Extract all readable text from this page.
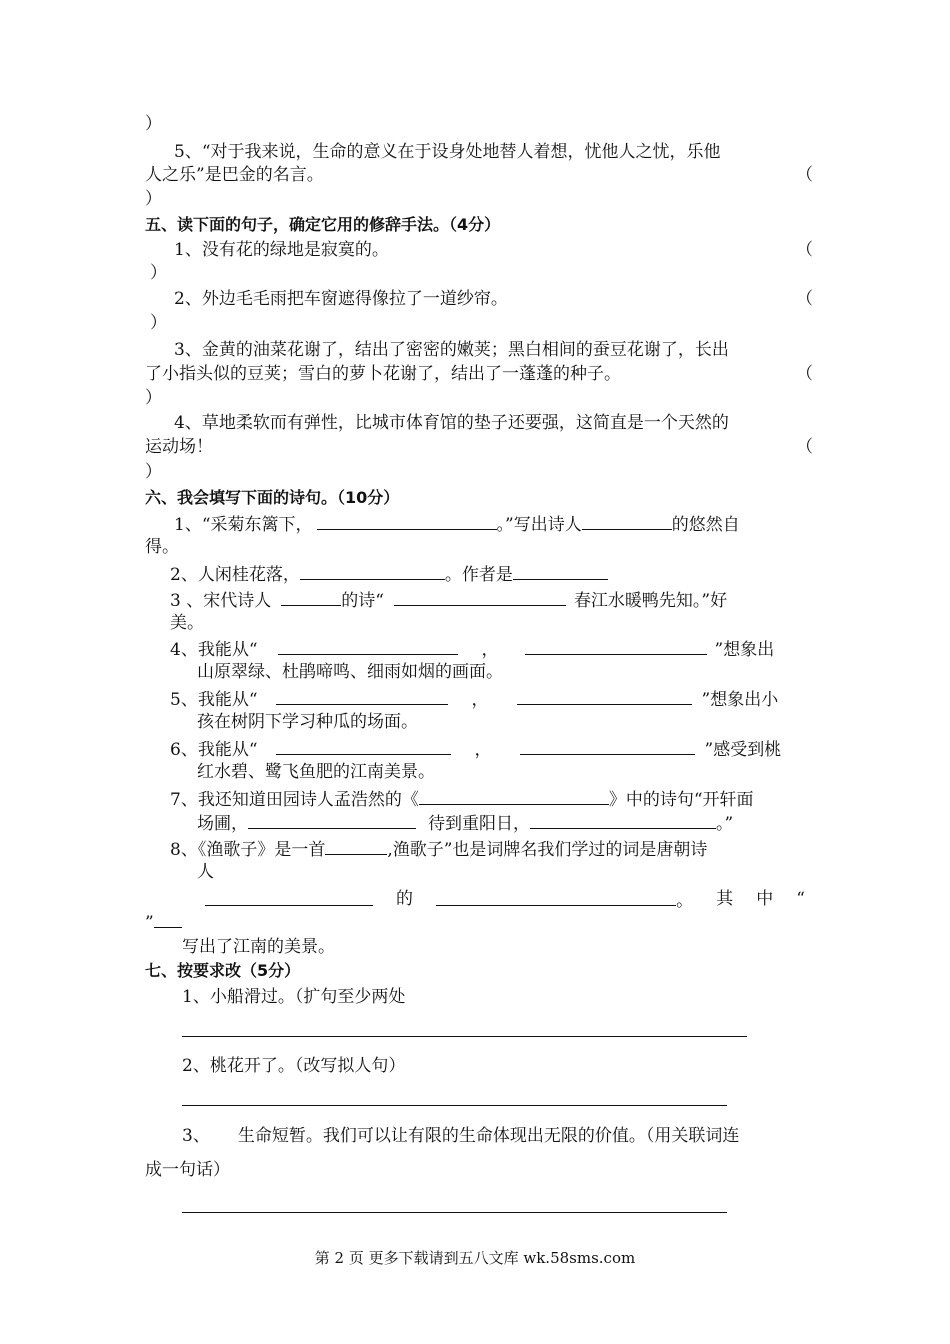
）
5、“对于我来说，生命的意义在于设身处地替人着想，忧他人之忧，乐他
人之乐”是巴金的名言。	（
）
五、读下面的句子，确定它用的修辞手法。（4分）
1、没有花的绿地是寂寞的。	（
）
2、外边毛毛雨把车窗遮得像拉了一道纱帘。	（
）
3、金黄的油菜花谢了，结出了密密的嫩荚；黑白相间的蚕豆花谢了，长出
了小指头似的豆荚；雪白的萝卜花谢了，结出了一蓬蓬的种子。	（
）
4、草地柔软而有弹性，比城市体育馆的垫子还要强，这简直是一个天然的
运动场！	（
）
六、我会填写下面的诗句。（10分）
1、“采菊东篱下，	。”写出诗人	的悠然自
得。
2、人闲桂花落，	。作者是
3 、宋代诗人	的诗“	春江水暖鸭先知。”好
美。
4、我能从“	，	”想象出
山原翠绿、杜鹃啼鸣、细雨如烟的画面。
5、我能从“	，	”想象出小
孩在树阴下学习种瓜的场面。
6、我能从“	，	”感受到桃
红水碧、鹭飞鱼肥的江南美景。
7、我还知道田园诗人孟浩然的《	》中的诗句“开轩面
场圃，	待到重阳日，	。”
8、《渔歌子》是一首	,渔歌子”也是词牌名我们学过的词是唐朝诗
人
的	。 其 中 “
”
写出了江南的美景。
七、按要求改（5分）
1、小船滑过。（扩句至少两处
2、桃花开了。（改写拟人句）
3、 生命短暂。我们可以让有限的生命体现出无限的价值。（用关联词连
成一句话）
第 2 页 更多下载请到五八文库 wk.58sms.com
